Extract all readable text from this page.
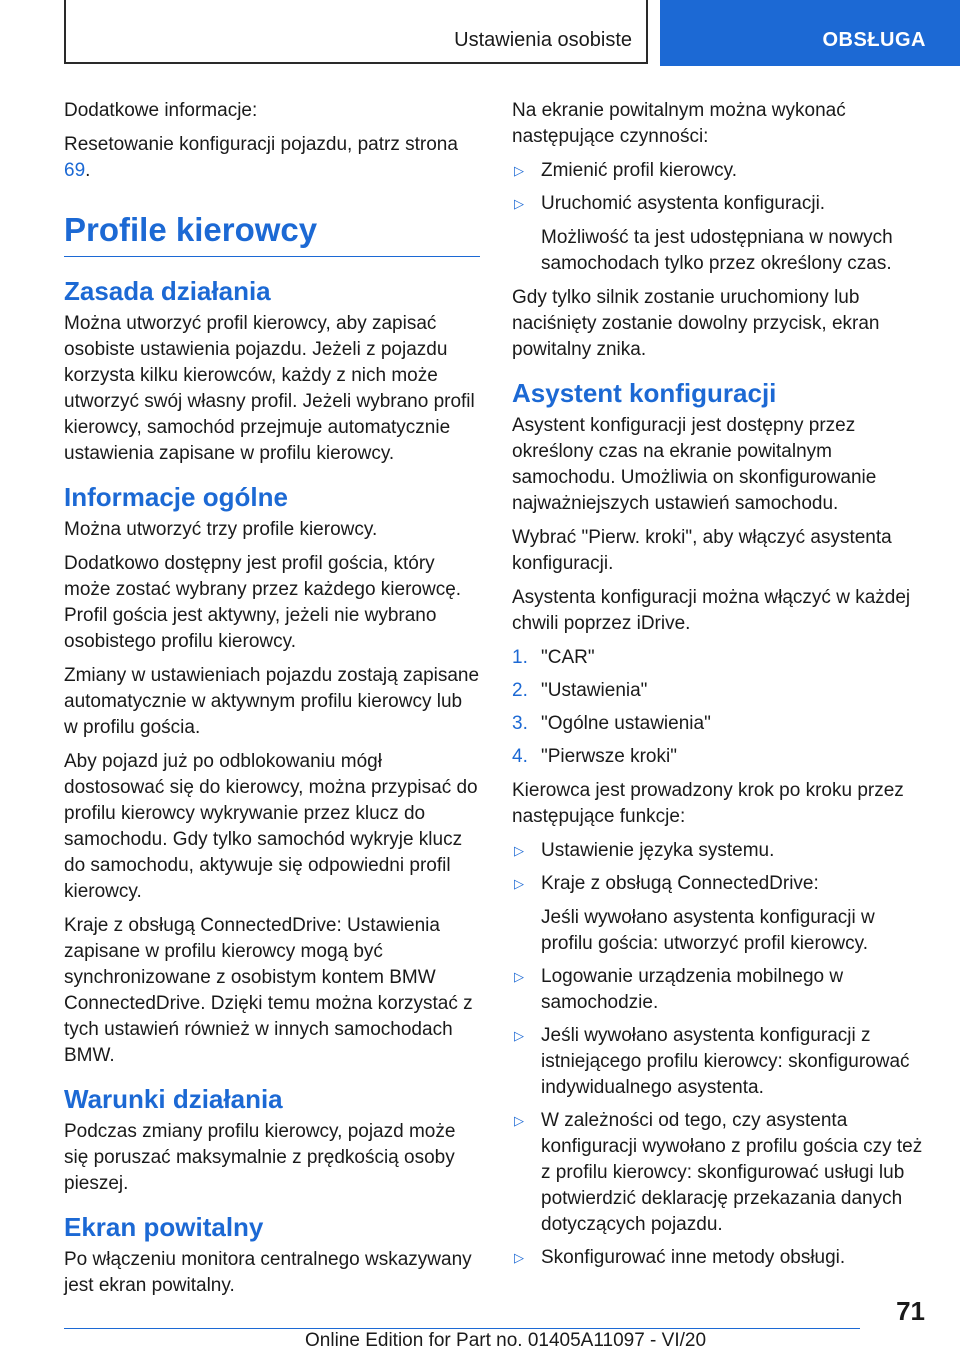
Ustawienia osobiste	OBSŁUGA

Dodatkowe informacje:

Resetowanie konfiguracji pojazdu, patrz strona 69.

Profile kierowcy
Zasada działania

Można utworzyć profil kierowcy, aby zapisać osobiste ustawienia pojazdu. Jeżeli z pojazdu korzysta kilku kierowców, każdy z nich może utworzyć swój własny profil. Jeżeli wybrano profil kierowcy, samochód przejmuje automatycznie ustawienia zapisane w profilu kierowcy.

Informacje ogólne

Można utworzyć trzy profile kierowcy.

Dodatkowo dostępny jest profil gościa, który może zostać wybrany przez każdego kierowcę. Profil gościa jest aktywny, jeżeli nie wybrano osobistego profilu kierowcy.

Zmiany w ustawieniach pojazdu zostają zapisane automatycznie w aktywnym profilu kierowcy lub w profilu gościa.

Aby pojazd już po odblokowaniu mógł dostosować się do kierowcy, można przypisać do profilu kierowcy wykrywanie przez klucz do samochodu. Gdy tylko samochód wykryje klucz do samochodu, aktywuje się odpowiedni profil kierowcy.

Kraje z obsługą ConnectedDrive: Ustawienia zapisane w profilu kierowcy mogą być synchronizowane z osobistym kontem BMW ConnectedDrive. Dzięki temu można korzystać z tych ustawień również w innych samochodach BMW.

Warunki działania

Podczas zmiany profilu kierowcy, pojazd może się poruszać maksymalnie z prędkością osoby pieszej.

Ekran powitalny

Po włączeniu monitora centralnego wskazywany jest ekran powitalny.

Na ekranie powitalnym można wykonać następujące czynności:

▷ Zmienić profil kierowcy.
▷ Uruchomić asystenta konfiguracji.
Możliwość ta jest udostępniana w nowych samochodach tylko przez określony czas.

Gdy tylko silnik zostanie uruchomiony lub naciśnięty zostanie dowolny przycisk, ekran powitalny znika.

Asystent konfiguracji

Asystent konfiguracji jest dostępny przez określony czas na ekranie powitalnym samochodu. Umożliwia on skonfigurowanie najważniejszych ustawień samochodu.

Wybrać "Pierw. kroki", aby włączyć asystenta konfiguracji.

Asystenta konfiguracji można włączyć w każdej chwili poprzez iDrive.

1. "CAR"
2. "Ustawienia"
3. "Ogólne ustawienia"
4. "Pierwsze kroki"

Kierowca jest prowadzony krok po kroku przez następujące funkcje:

▷ Ustawienie języka systemu.
▷ Kraje z obsługą ConnectedDrive:
Jeśli wywołano asystenta konfiguracji w profilu gościa: utworzyć profil kierowcy.
▷ Logowanie urządzenia mobilnego w samochodzie.
▷ Jeśli wywołano asystenta konfiguracji z istniejącego profilu kierowcy: skonfigurować indywidualnego asystenta.
▷ W zależności od tego, czy asystenta konfiguracji wywołano z profilu gościa czy też z profilu kierowcy: skonfigurować usługi lub potwierdzić deklarację przekazania danych dotyczących pojazdu.
▷ Skonfigurować inne metody obsługi.
71
Online Edition for Part no. 01405A11097 - VI/20
